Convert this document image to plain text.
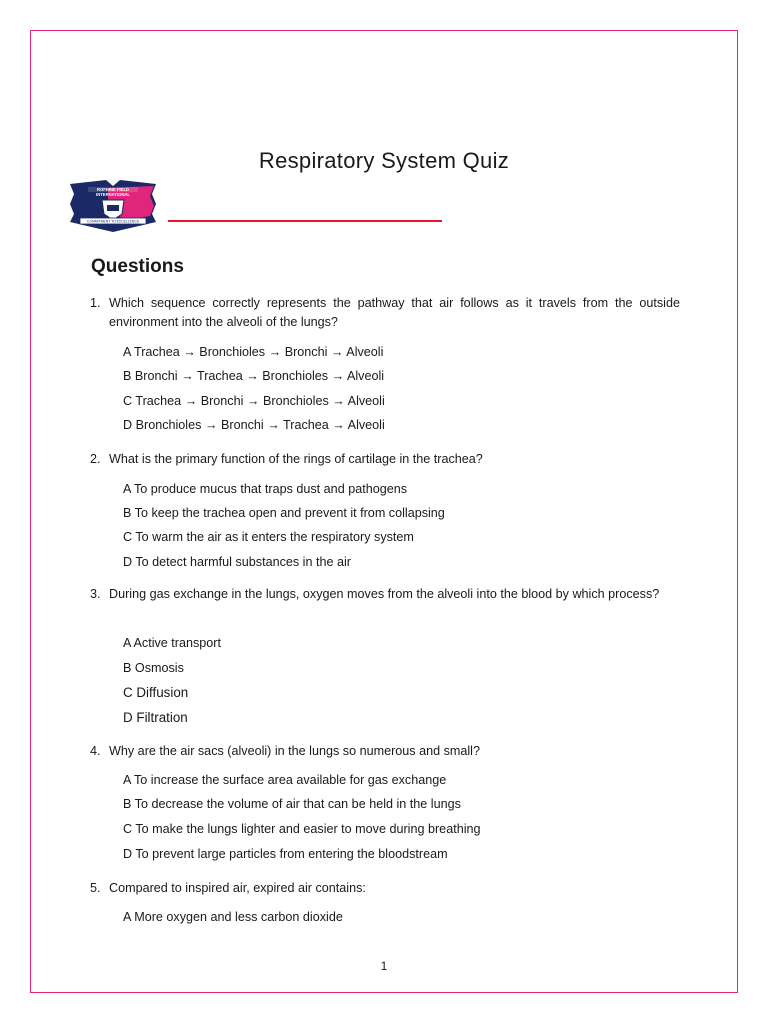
Respiratory System Quiz
ROFHINE FIELD
INTERNATIONAL
COMMITMENT TO EXCELLENCE
Questions
1. Which sequence correctly represents the pathway that air follows as it travels from the outside environment into the alveoli of the lungs?
A Trachea → Bronchioles → Bronchi → Alveoli
B Bronchi → Trachea → Bronchioles → Alveoli
C Trachea → Bronchi → Bronchioles → Alveoli
D Bronchioles → Bronchi → Trachea → Alveoli
2. What is the primary function of the rings of cartilage in the trachea?
A To produce mucus that traps dust and pathogens
B To keep the trachea open and prevent it from collapsing
C To warm the air as it enters the respiratory system
D To detect harmful substances in the air
3. During gas exchange in the lungs, oxygen moves from the alveoli into the blood by which process?
A Active transport
B Osmosis
C Diffusion
D Filtration
4. Why are the air sacs (alveoli) in the lungs so numerous and small?
A To increase the surface area available for gas exchange
B To decrease the volume of air that can be held in the lungs
C To make the lungs lighter and easier to move during breathing
D To prevent large particles from entering the bloodstream
5. Compared to inspired air, expired air contains:
A More oxygen and less carbon dioxide
1
